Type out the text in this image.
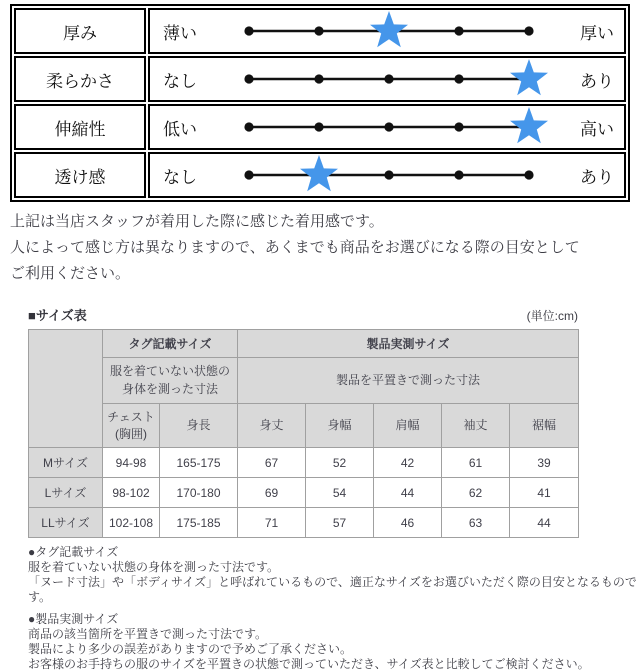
厚み	薄い 厚い

柔らかさ	なし あり

伸縮性	低い 高い

透け感	なし あり
上記は当店スタッフが着用した際に感じた着用感です。
人によって感じ方は異なりますので、あくまでも商品をお選びになる際の目安として
ご利用ください。
■サイズ表	(単位:cm)
	タグ記載サイズ		製品実測サイズ				
	服を着ていない状態の身体を測った寸法		製品を平置きで測った寸法				
	チェスト
(胸囲)	身長	身丈	身幅	肩幅	袖丈	裾幅
Mサイズ	94-98	165-175	67	52	42	61	39
Lサイズ	98-102	170-180	69	54	44	62	41
LLサイズ	102-108	175-185	71	57	46	63	44
●タグ記載サイズ
服を着ていない状態の身体を測った寸法です。
「ヌード寸法」や「ボディサイズ」と呼ばれているもので、適正なサイズをお選びいただく際の目安となるものです。
●製品実測サイズ
商品の該当箇所を平置きで測った寸法です。
製品により多少の誤差がありますので予めご了承ください。
お客様のお手持ちの服のサイズを平置きの状態で測っていただき、サイズ表と比較してご検討ください。
